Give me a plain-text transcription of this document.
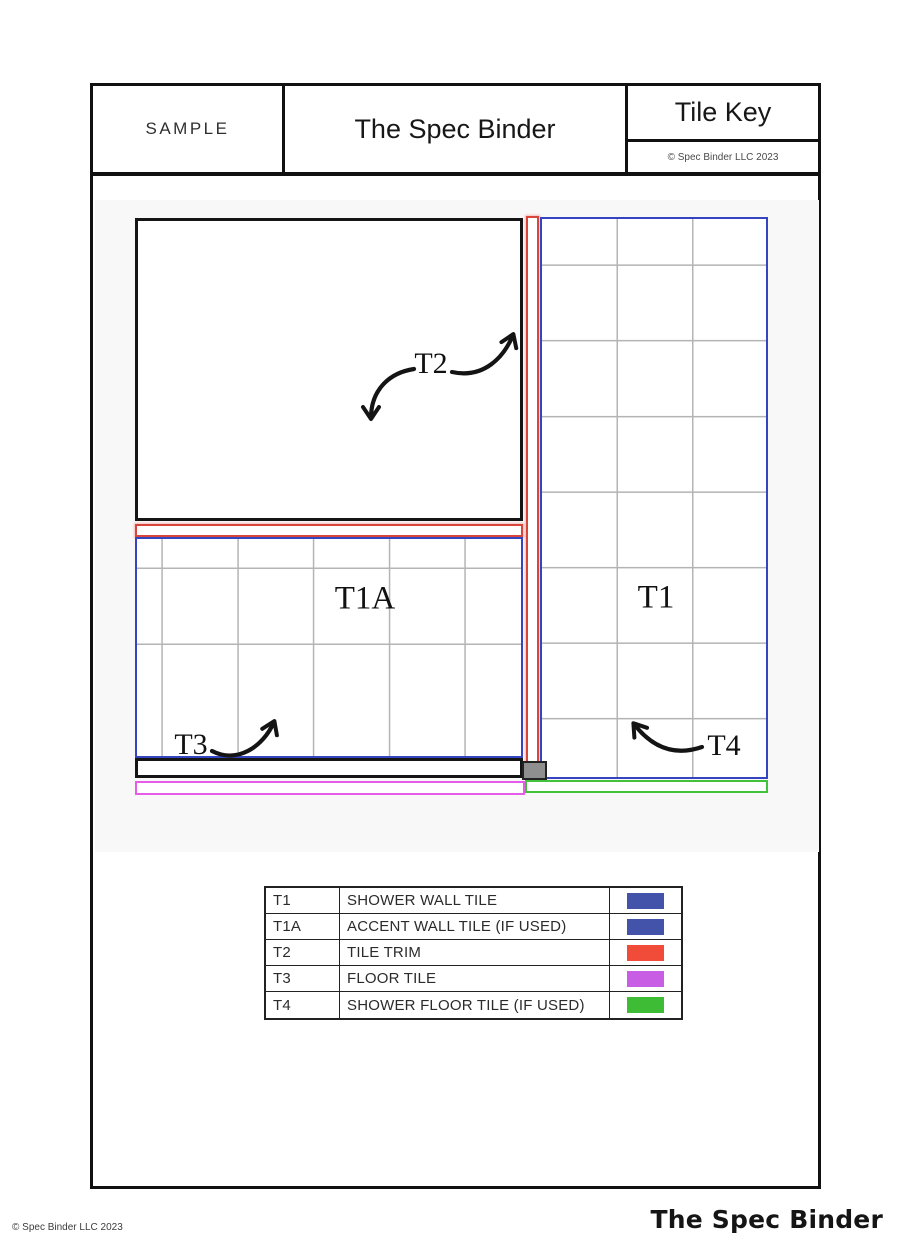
SAMPLE	The Spec Binder
Tile Key
© Spec Binder LLC 2023
T1A	T1
T2
T3	T4
T1	SHOWER WALL TILE
T1A	ACCENT WALL TILE (IF USED)
T2	TILE TRIM
T3	FLOOR TILE
T4	SHOWER FLOOR TILE (IF USED)
© Spec Binder LLC 2023	The Spec Binder
